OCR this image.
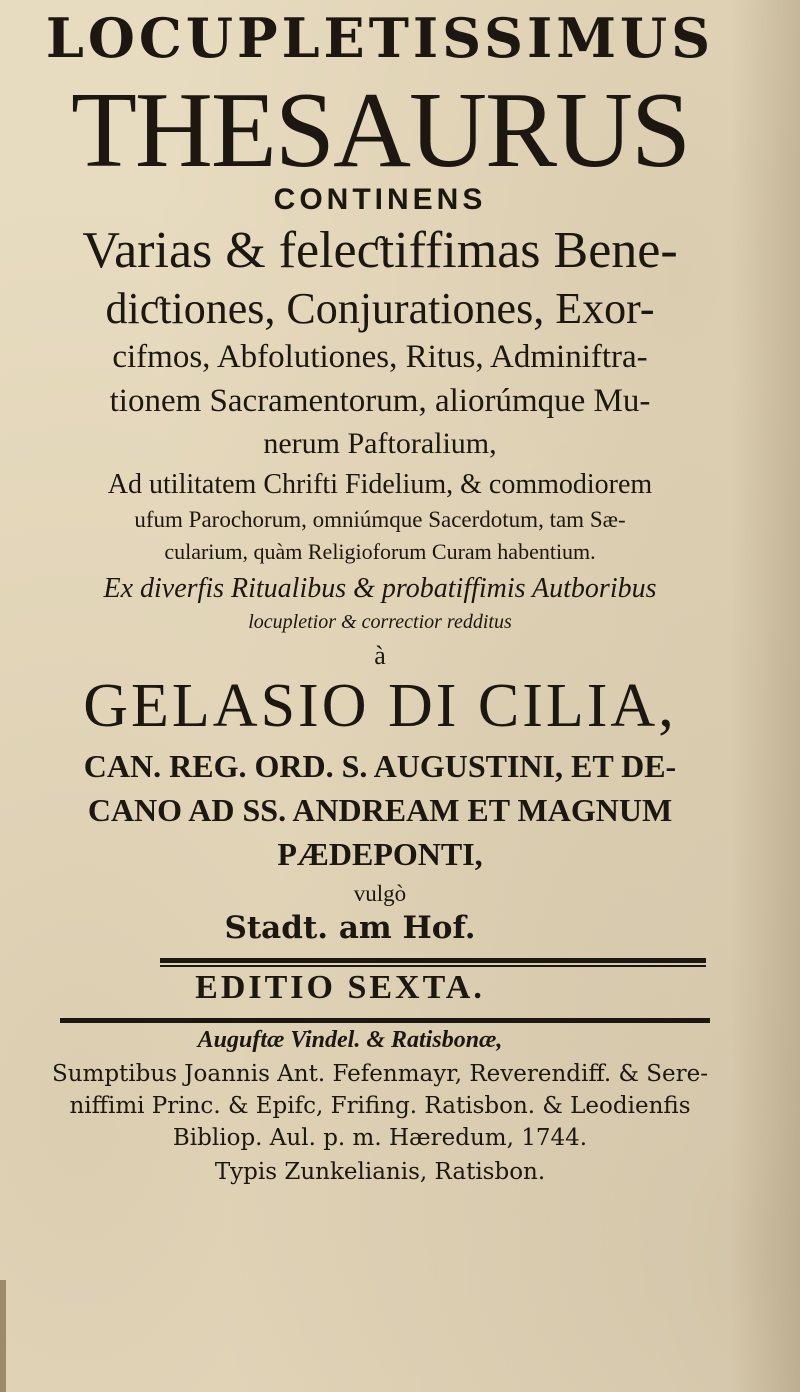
LOCUPLETISSIMUS
THESAURUS
CONTINENS
Varias & feleƈtiffimas Bene-
diƈtiones, Conjurationes, Exor-
cifmos, Abfolutiones, Ritus, Adminiftra-
tionem Sacramentorum, aliorúmque Mu-
nerum Paftoralium,
Ad utilitatem Chrifti Fidelium, & commodiorem
ufum Parochorum, omniúmque Sacerdotum, tam Sæ-
cularium, quàm Religioforum Curam habentium.
Ex diverfis Ritualibus & probatiffimis Autboribus
locupletior & correctior redditus
à
GELASIO DI CILIA,
CAN. REG. ORD. S. AUGUSTINI, ET DE-
CANO AD SS. ANDREAM ET MAGNUM
PÆDEPONTI,
vulgò
Stadt. am Hof.
EDITIO SEXTA.
Auguftæ Vindel. & Ratisbonæ,
Sumptibus Joannis Ant. Fefenmayr, Reverendiff. & Sere-
niffimi Princ. & Epifc, Frifing. Ratisbon. & Leodienfis
Bibliop. Aul. p. m. Hæredum, 1744.
Typis Zunkelianis, Ratisbon.
